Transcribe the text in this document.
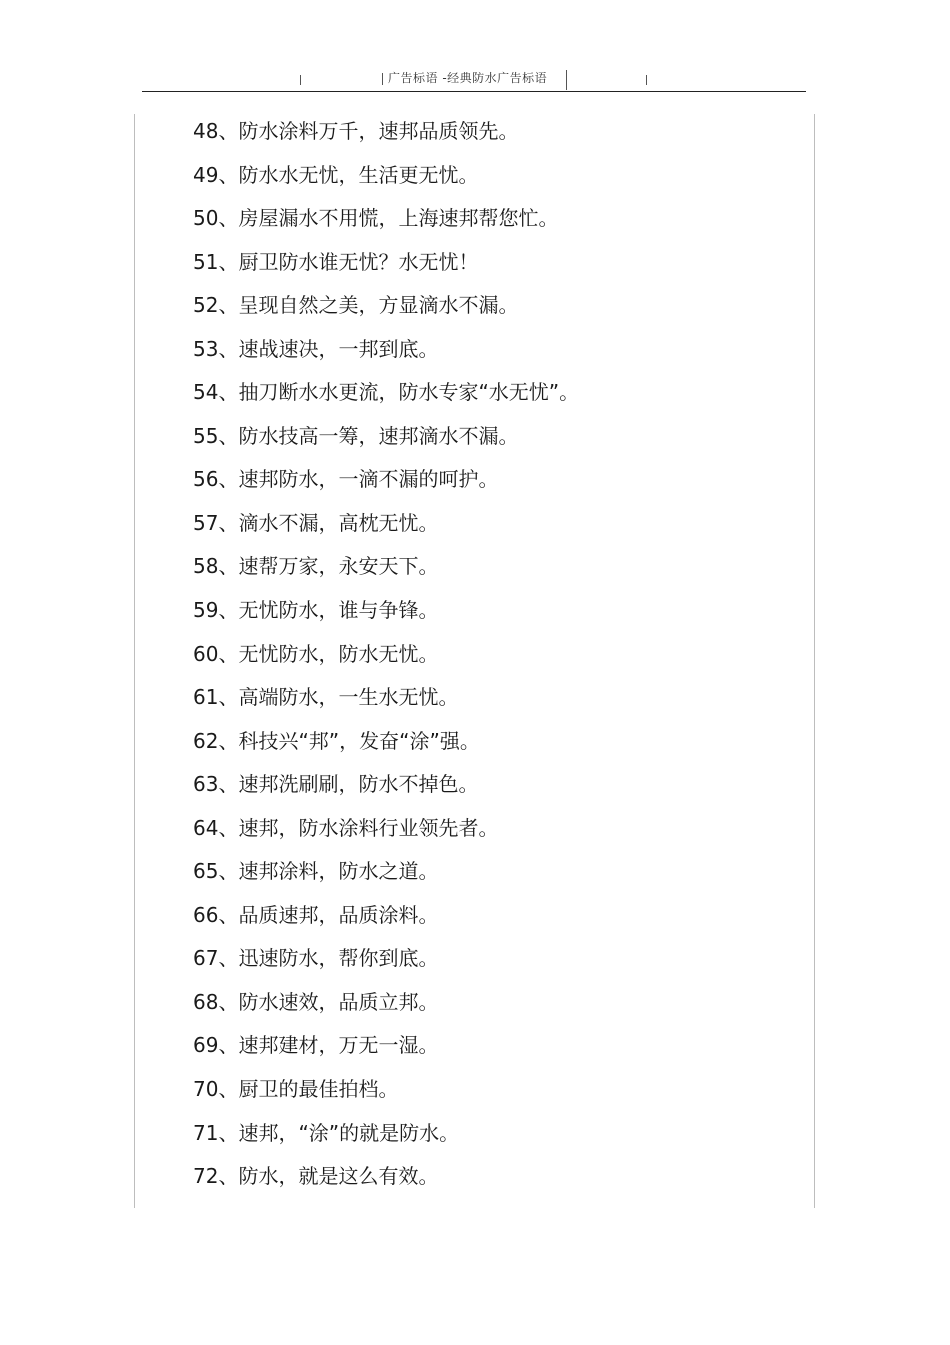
广告标语 -经典防水广告标语
48、防水涂料万千，速邦品质领先。
49、防水水无忧，生活更无忧。
50、房屋漏水不用慌，上海速邦帮您忙。
51、厨卫防水谁无忧？水无忧！
52、呈现自然之美，方显滴水不漏。
53、速战速决，一邦到底。
54、抽刀断水水更流，防水专家“水无忧”。
55、防水技高一筹，速邦滴水不漏。
56、速邦防水，一滴不漏的呵护。
57、滴水不漏，高枕无忧。
58、速帮万家，永安天下。
59、无忧防水，谁与争锋。
60、无忧防水，防水无忧。
61、高端防水，一生水无忧。
62、科技兴“邦”，发奋“涂”强。
63、速邦洗刷刷，防水不掉色。
64、速邦，防水涂料行业领先者。
65、速邦涂料，防水之道。
66、品质速邦，品质涂料。
67、迅速防水，帮你到底。
68、防水速效，品质立邦。
69、速邦建材，万无一湿。
70、厨卫的最佳拍档。
71、速邦，“涂”的就是防水。
72、防水，就是这么有效。
